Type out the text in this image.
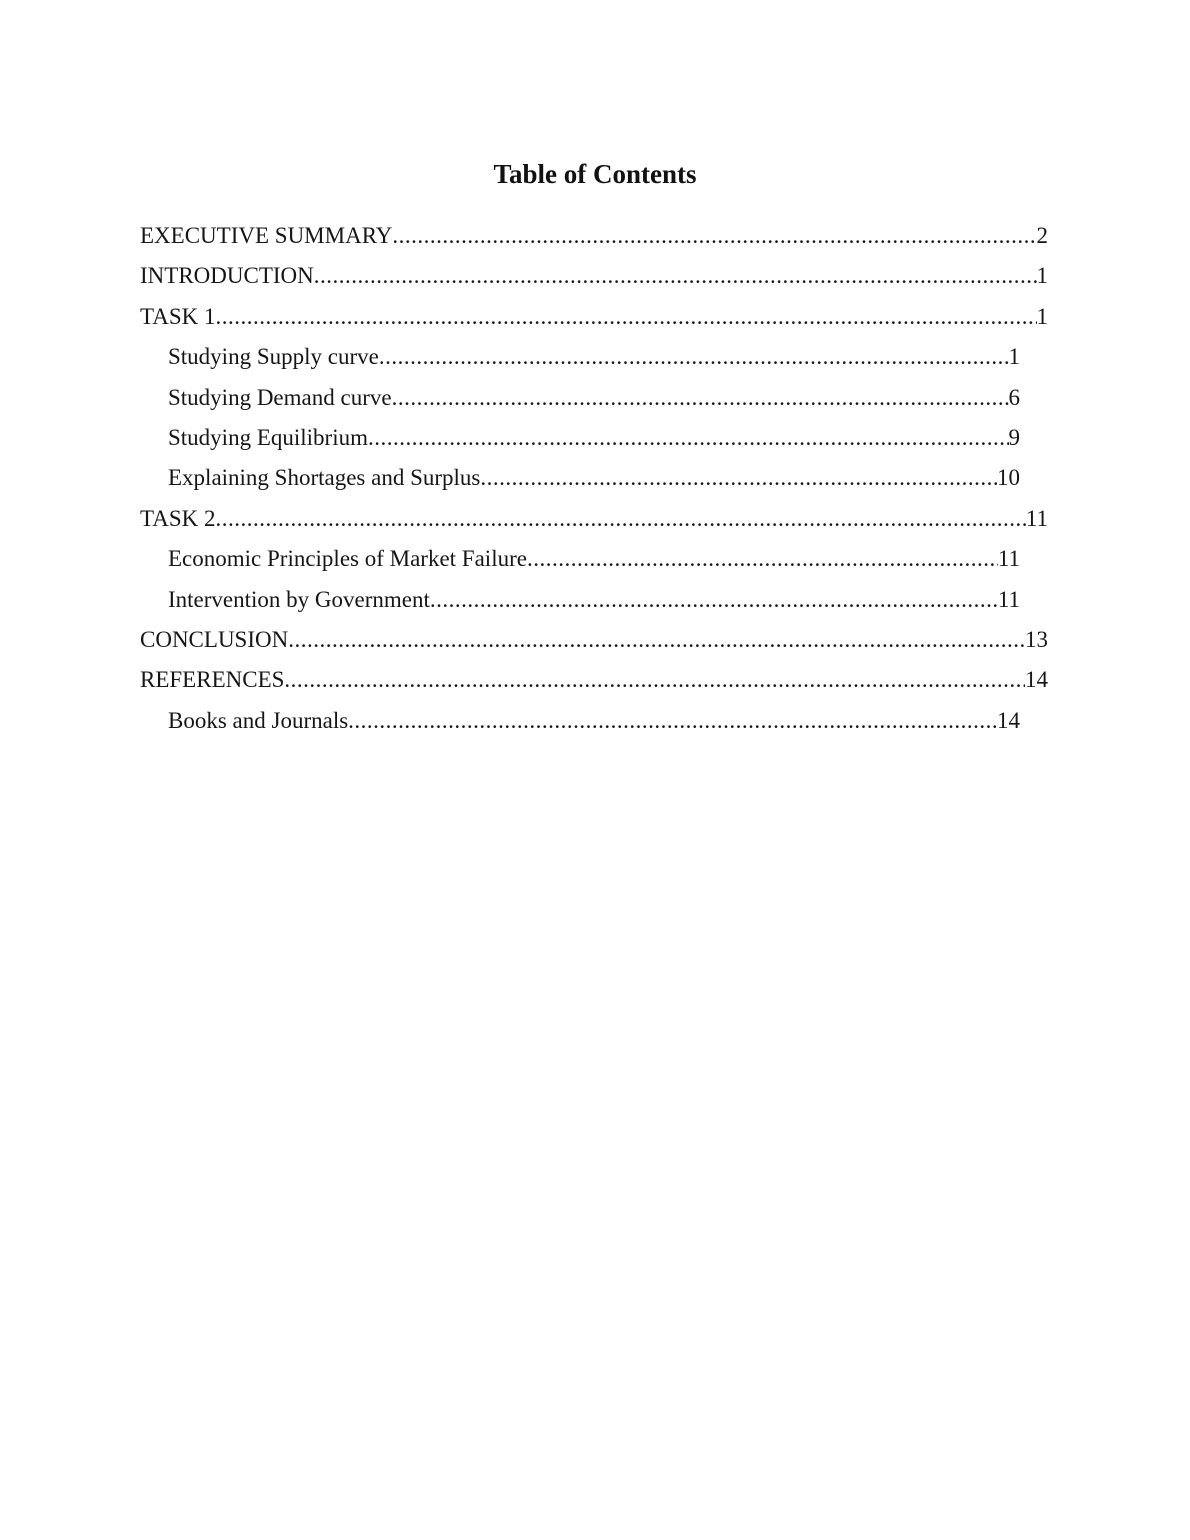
Table of Contents
EXECUTIVE SUMMARY .....	2
INTRODUCTION .....	1
TASK 1 .....	1
Studying Supply curve .....	1
Studying Demand curve .....	6
Studying Equilibrium .....	9
Explaining Shortages and Surplus .....	10
TASK 2 .....	11
Economic Principles of Market Failure .....	11
Intervention by Government .....	11
CONCLUSION .....	13
REFERENCES .....	14
Books and Journals .....	14
